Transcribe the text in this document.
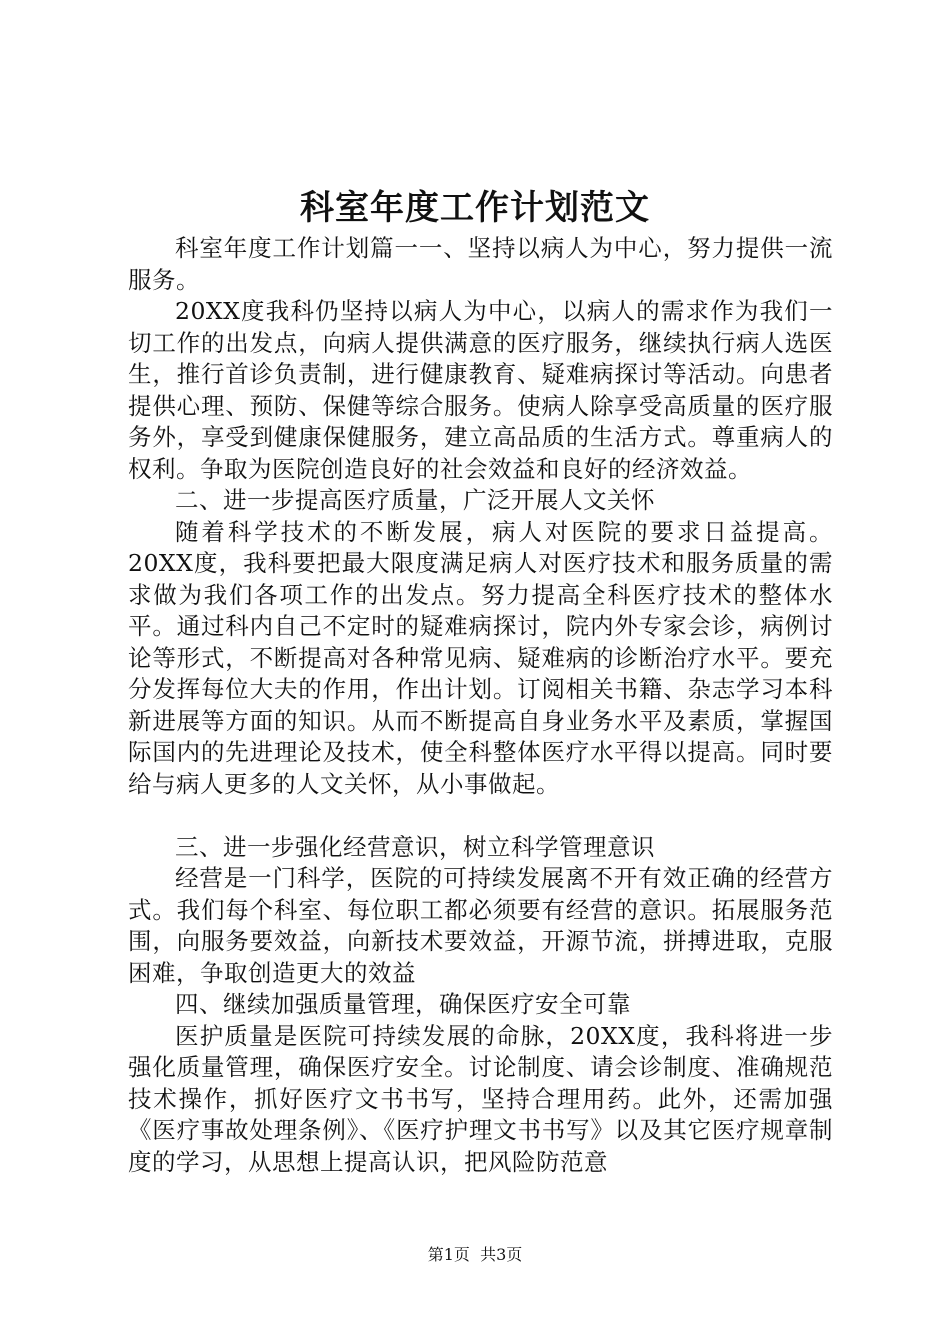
科室年度工作计划范文

科室年度工作计划篇一一、坚持以病人为中心，努力提供一流服务。

20XX度我科仍坚持以病人为中心，以病人的需求作为我们一切工作的出发点，向病人提供满意的医疗服务，继续执行病人选医生，推行首诊负责制，进行健康教育、疑难病探讨等活动。向患者提供心理、预防、保健等综合服务。使病人除享受高质量的医疗服务外，享受到健康保健服务，建立高品质的生活方式。尊重病人的权利。争取为医院创造良好的社会效益和良好的经济效益。

二、进一步提高医疗质量，广泛开展人文关怀

随着科学技术的不断发展，病人对医院的要求日益提高。20XX度，我科要把最大限度满足病人对医疗技术和服务质量的需求做为我们各项工作的出发点。努力提高全科医疗技术的整体水平。通过科内自己不定时的疑难病探讨，院内外专家会诊，病例讨论等形式，不断提高对各种常见病、疑难病的诊断治疗水平。要充分发挥每位大夫的作用，作出计划。订阅相关书籍、杂志学习本科新进展等方面的知识。从而不断提高自身业务水平及素质，掌握国际国内的先进理论及技术，使全科整体医疗水平得以提高。同时要给与病人更多的人文关怀，从小事做起。

三、进一步强化经营意识，树立科学管理意识

经营是一门科学，医院的可持续发展离不开有效正确的经营方式。我们每个科室、每位职工都必须要有经营的意识。拓展服务范围，向服务要效益，向新技术要效益，开源节流，拼搏进取，克服困难，争取创造更大的效益

四、继续加强质量管理，确保医疗安全可靠

医护质量是医院可持续发展的命脉，20XX度，我科将进一步强化质量管理，确保医疗安全。讨论制度、请会诊制度、准确规范技术操作，抓好医疗文书书写，坚持合理用药。此外，还需加强《医疗事故处理条例》、《医疗护理文书书写》以及其它医疗规章制度的学习，从思想上提高认识，把风险防范意

第1页  共3页
